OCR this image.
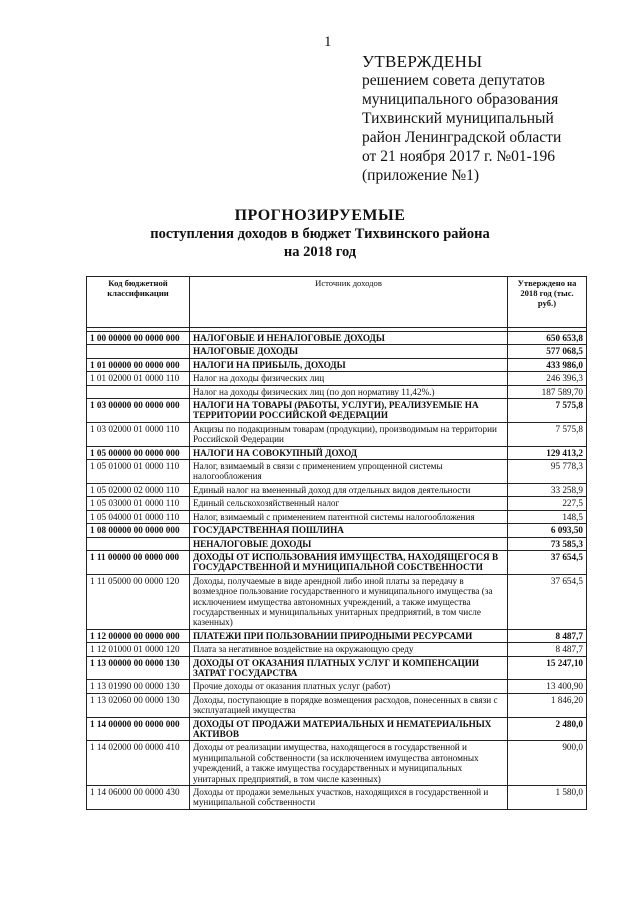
1
УТВЕРЖДЕНЫ
решением совета депутатов
муниципального образования
Тихвинский муниципальный
район Ленинградской области
от 21 ноября 2017 г. №01-196
(приложение №1)
ПРОГНОЗИРУЕМЫЕ
поступления доходов в бюджет Тихвинского района
на 2018 год
Код бюджетной классификации	Источник доходов	Утверждено на 2018 год (тыс. руб.)

1 00 00000 00 0000 000	НАЛОГОВЫЕ И НЕНАЛОГОВЫЕ ДОХОДЫ	650 653,8
	НАЛОГОВЫЕ ДОХОДЫ	577 068,5
1 01 00000 00 0000 000	НАЛОГИ НА ПРИБЫЛЬ, ДОХОДЫ	433 986,0
1 01 02000 01 0000 110	Налог на доходы физических лиц	246 396,3
	Налог на доходы физических лиц (по доп нормативу 11,42%.)	187 589,70
1 03 00000 00 0000 000	НАЛОГИ НА ТОВАРЫ (РАБОТЫ, УСЛУГИ), РЕАЛИЗУЕМЫЕ НА ТЕРРИТОРИИ РОССИЙСКОЙ ФЕДЕРАЦИИ	7 575,8
1 03 02000 01 0000 110	Акцизы по подакцизным товарам (продукции), производимым на территории Российской Федерации	7 575,8
1 05 00000 00 0000 000	НАЛОГИ НА СОВОКУПНЫЙ ДОХОД	129 413,2
1 05 01000 01 0000 110	Налог, взимаемый в связи с применением упрощенной системы налогообложения	95 778,3
1 05 02000 02 0000 110	Единый налог на вмененный доход для отдельных видов деятельности	33 258,9
1 05 03000 01 0000 110	Единый сельскохозяйственный налог	227,5
1 05 04000 01 0000 110	Налог, взимаемый с применением патентной системы налогообложения	148,5
1 08 00000 00 0000 000	ГОСУДАРСТВЕННАЯ ПОШЛИНА	6 093,50
	НЕНАЛОГОВЫЕ ДОХОДЫ	73 585,3
1 11 00000 00 0000 000	ДОХОДЫ ОТ ИСПОЛЬЗОВАНИЯ ИМУЩЕСТВА, НАХОДЯЩЕГОСЯ В ГОСУДАРСТВЕННОЙ И МУНИЦИПАЛЬНОЙ СОБСТВЕННОСТИ	37 654,5
1 11 05000 00 0000 120	Доходы, получаемые в виде арендной либо иной платы за передачу в возмездное пользование государственного и муниципального имущества (за исключением имущества автономных учреждений, а также имущества государственных и муниципальных унитарных предприятий, в том числе казенных)	37 654,5
1 12 00000 00 0000 000	ПЛАТЕЖИ ПРИ ПОЛЬЗОВАНИИ ПРИРОДНЫМИ РЕСУРСАМИ	8 487,7
1 12 01000 01 0000 120	Плата за негативное воздействие на окружающую среду	8 487,7
1 13 00000 00 0000 130	ДОХОДЫ ОТ ОКАЗАНИЯ ПЛАТНЫХ УСЛУГ И КОМПЕНСАЦИИ ЗАТРАТ ГОСУДАРСТВА	15 247,10
1 13 01990 00 0000 130	Прочие доходы от оказания платных услуг (работ)	13 400,90
1 13 02060 00 0000 130	Доходы, поступающие в порядке возмещения расходов, понесенных в связи с эксплуатацией имущества	1 846,20
1 14 00000 00 0000 000	ДОХОДЫ ОТ ПРОДАЖИ МАТЕРИАЛЬНЫХ И НЕМАТЕРИАЛЬНЫХ АКТИВОВ	2 480,0
1 14 02000 00 0000 410	Доходы от реализации имущества, находящегося в государственной и муниципальной собственности (за исключением имущества автономных учреждений, а также имущества государственных и муниципальных унитарных предприятий, в том числе казенных)	900,0
1 14 06000 00 0000 430	Доходы от продажи земельных участков, находящихся в государственной и муниципальной собственности	1 580,0
